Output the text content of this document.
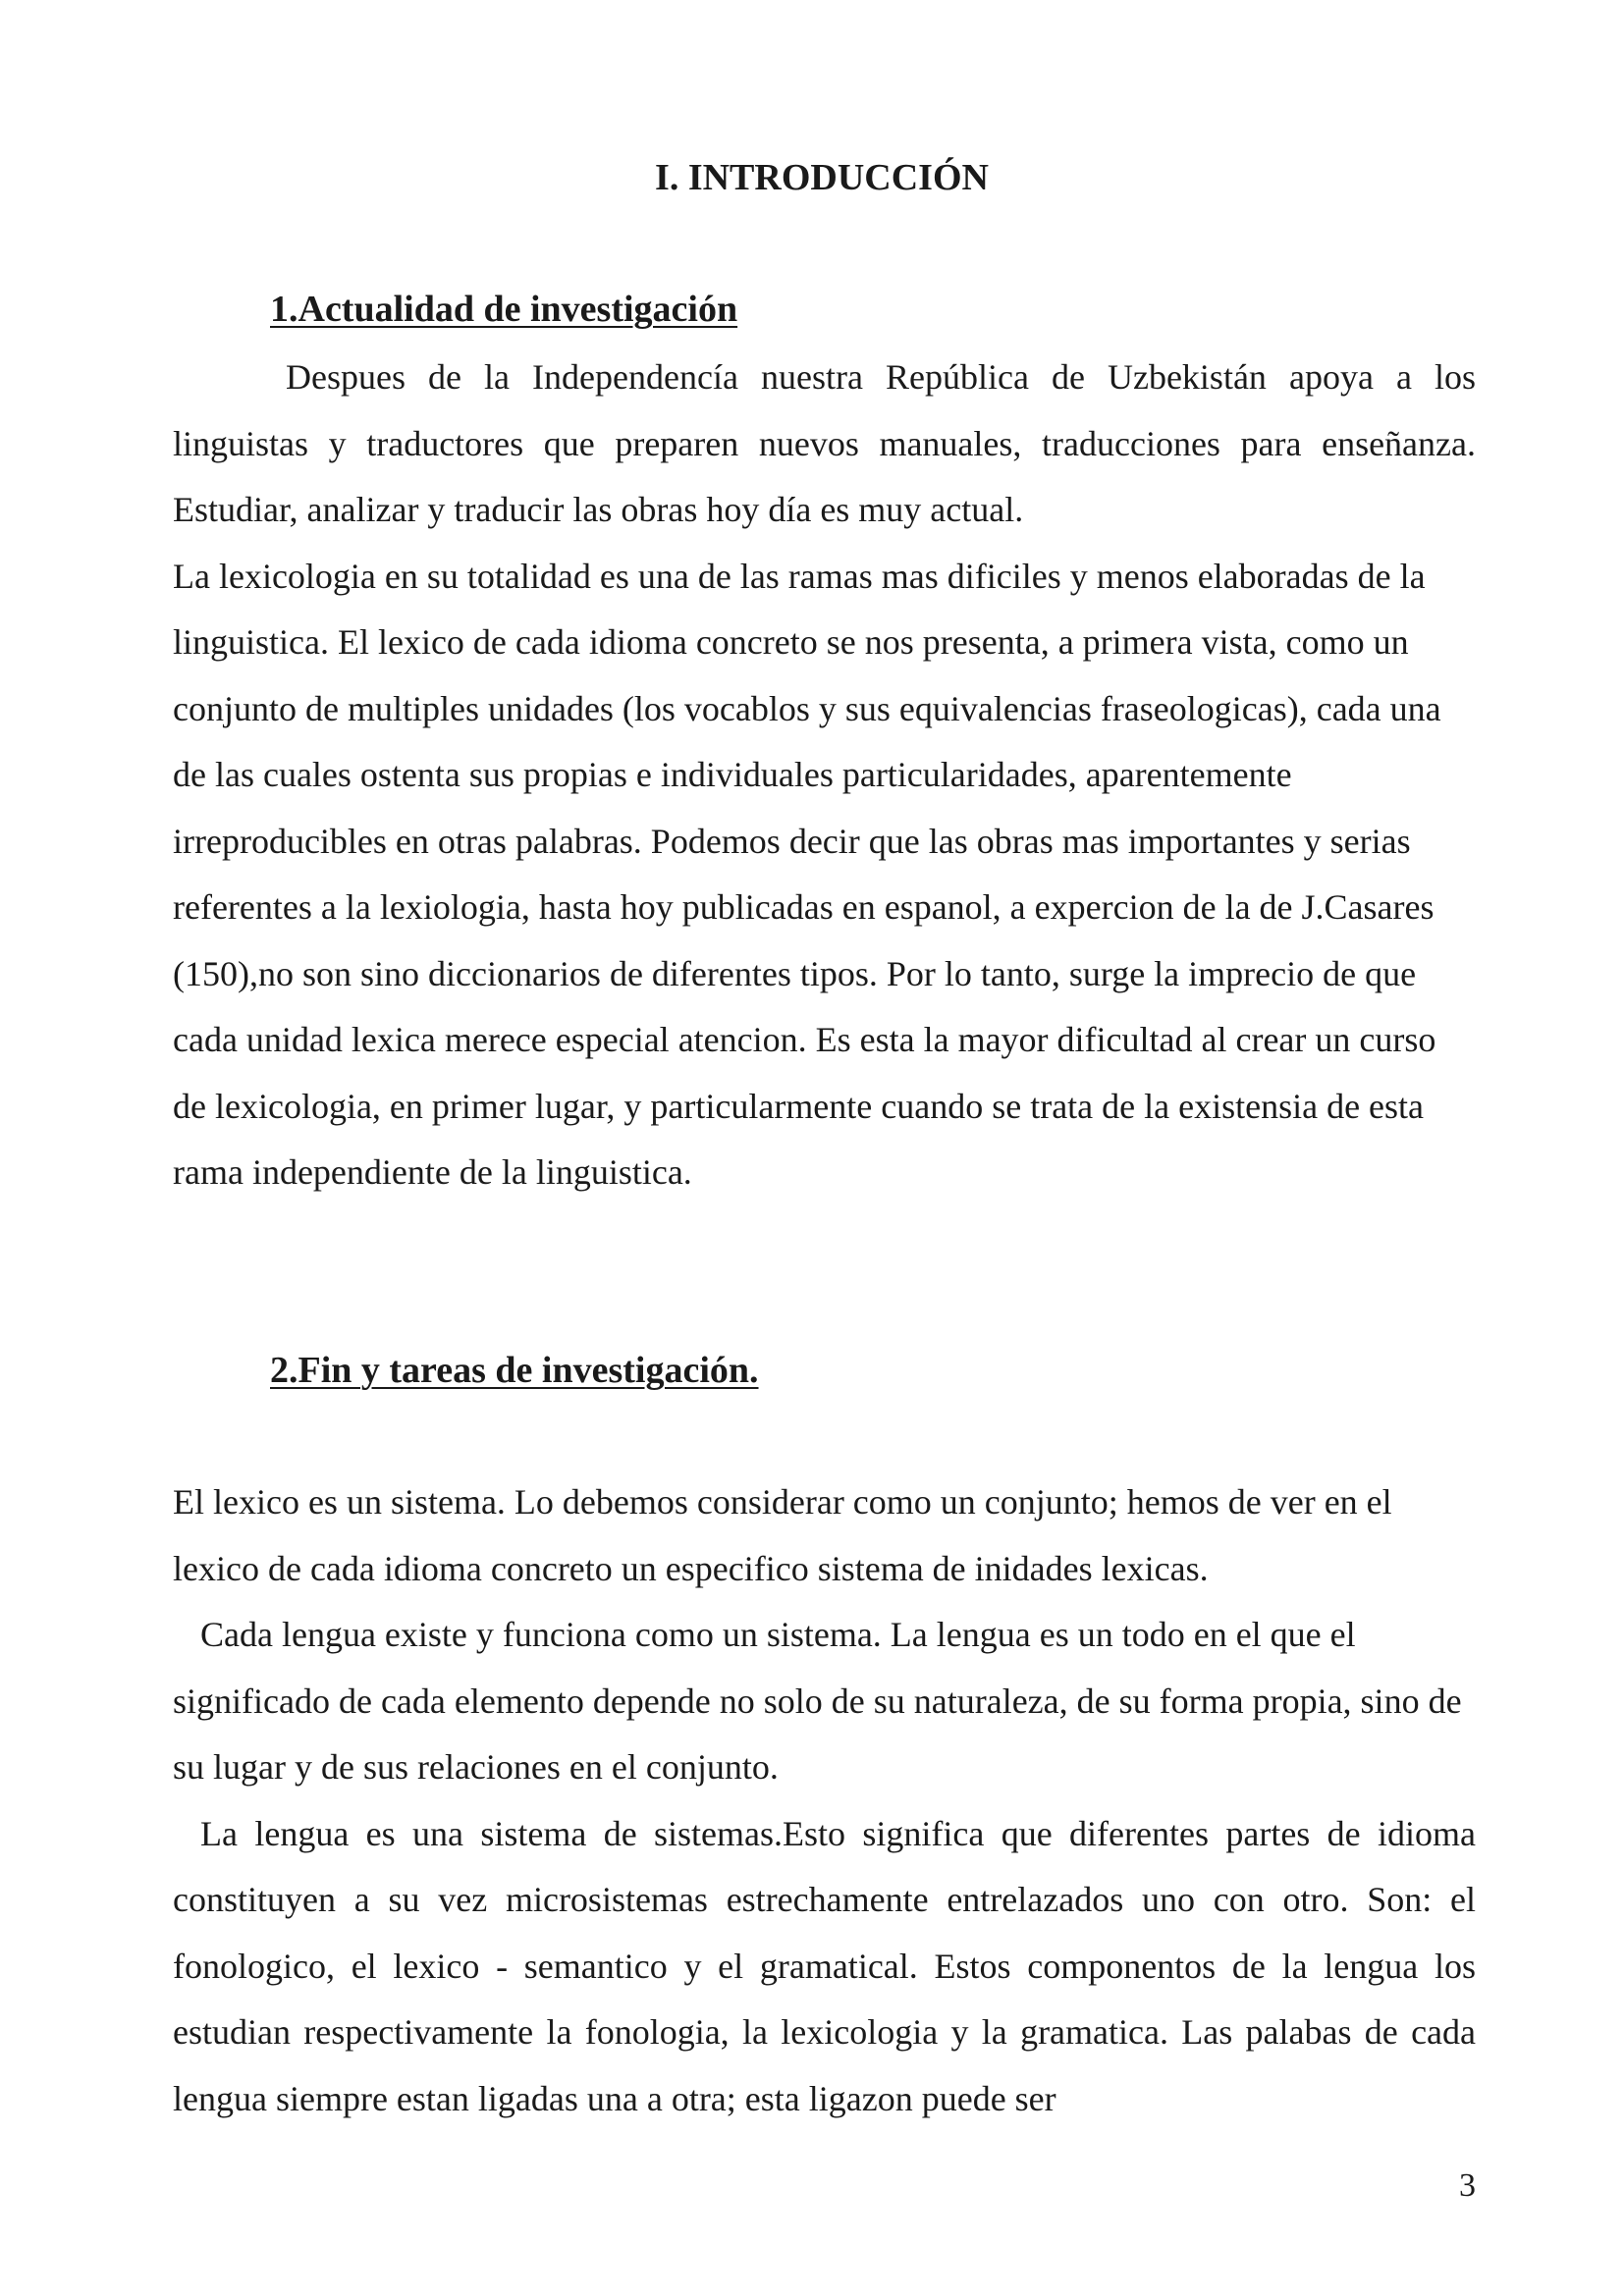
I. INTRODUCCIÓN
1.Actualidad de investigación

Despues de la Independencía nuestra República de Uzbekistán apoya a los linguistas y traductores que preparen nuevos manuales, traducciones para enseñanza. Estudiar, analizar y traducir las obras hoy día es muy actual.

La lexicologia en su totalidad es una de las ramas mas dificiles y menos elaboradas de la linguistica. El lexico de cada idioma concreto se nos presenta, a primera vista, como un conjunto de multiples unidades (los vocablos y sus equivalencias fraseologicas), cada una de las cuales ostenta sus propias e individuales particularidades, aparentemente irreproducibles en otras palabras. Podemos decir que las obras mas importantes y serias referentes a la lexiologia, hasta hoy publicadas en espanol, a expercion de la de J.Casares (150),no son sino diccionarios de diferentes tipos. Por lo tanto, surge la imprecio de que cada unidad lexica merece especial atencion. Es esta la mayor dificultad al crear un curso de lexicologia, en primer lugar, y particularmente cuando se trata de la existensia de esta rama independiente de la linguistica.

2.Fin y tareas de investigación.

El lexico es un sistema. Lo debemos considerar como un conjunto; hemos de ver en el lexico de cada idioma concreto un especifico sistema de inidades lexicas.

Cada lengua existe y funciona como un sistema. La lengua es un todo en el que el significado de cada elemento depende no solo de su naturaleza, de su forma propia, sino de su lugar y de sus relaciones en el conjunto.

La lengua es una sistema de sistemas.Esto significa que diferentes partes de idioma constituyen a su vez microsistemas estrechamente entrelazados uno con otro. Son: el fonologico, el lexico - semantico y el gramatical. Estos componentos de la lengua los estudian respectivamente la fonologia, la lexicologia y la gramatica. Las palabas de cada lengua siempre estan ligadas una a otra; esta ligazon puede ser

3
